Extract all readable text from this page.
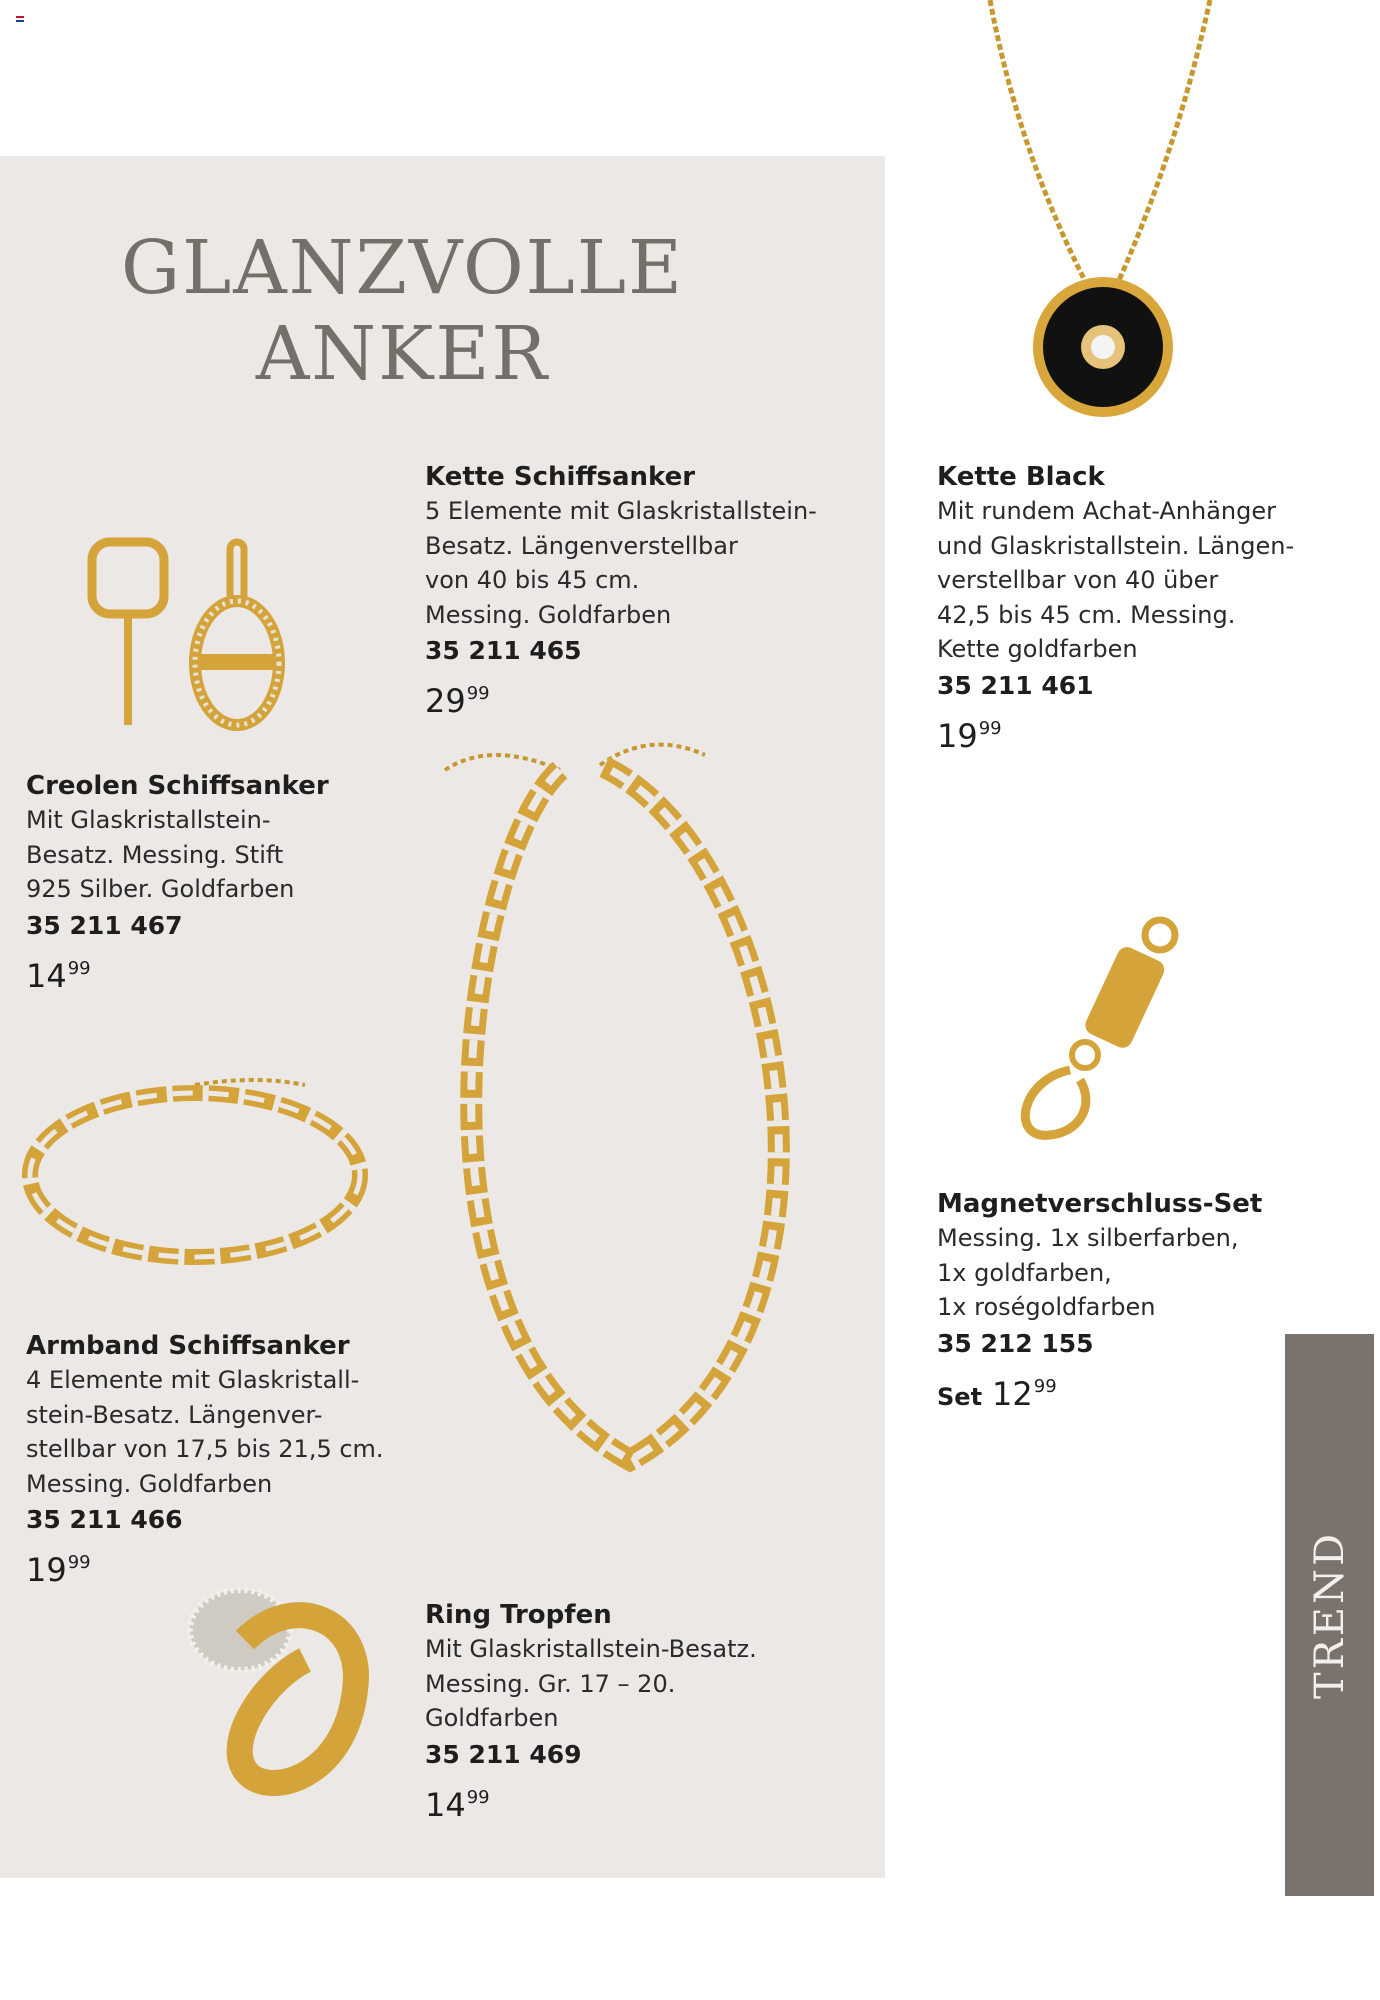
GLANZVOLLE
ANKER
Creolen Schiffsanker
Mit Glaskristallstein-
Besatz. Messing. Stift
925 Silber. Goldfarben
35 211 467
$14^{99}$
Kette Schiffsanker
5 Elemente mit Glaskristallstein-
Besatz. Längenverstellbar
von 40 bis 45 cm.
Messing. Goldfarben
35 211 465
$29^{99}$
Kette Black
Mit rundem Achat-Anhänger
und Glaskristallstein. Längen-
verstellbar von 40 über
42,5 bis 45 cm. Messing.
Kette goldfarben
35 211 461
$19^{99}$
Armband Schiffsanker
4 Elemente mit Glaskristall-
stein-Besatz. Längenver-
stellbar von 17,5 bis 21,5 cm.
Messing. Goldfarben
35 211 466
$19^{99}$
Magnetverschluss-Set
Messing. 1x silberfarben,
1x goldfarben,
1x roségoldfarben
35 212 155
Set $12^{99}$
Ring Tropfen
Mit Glaskristallstein-Besatz.
Messing. Gr. 17 – 20.
Goldfarben
35 211 469
$14^{99}$
TREND
